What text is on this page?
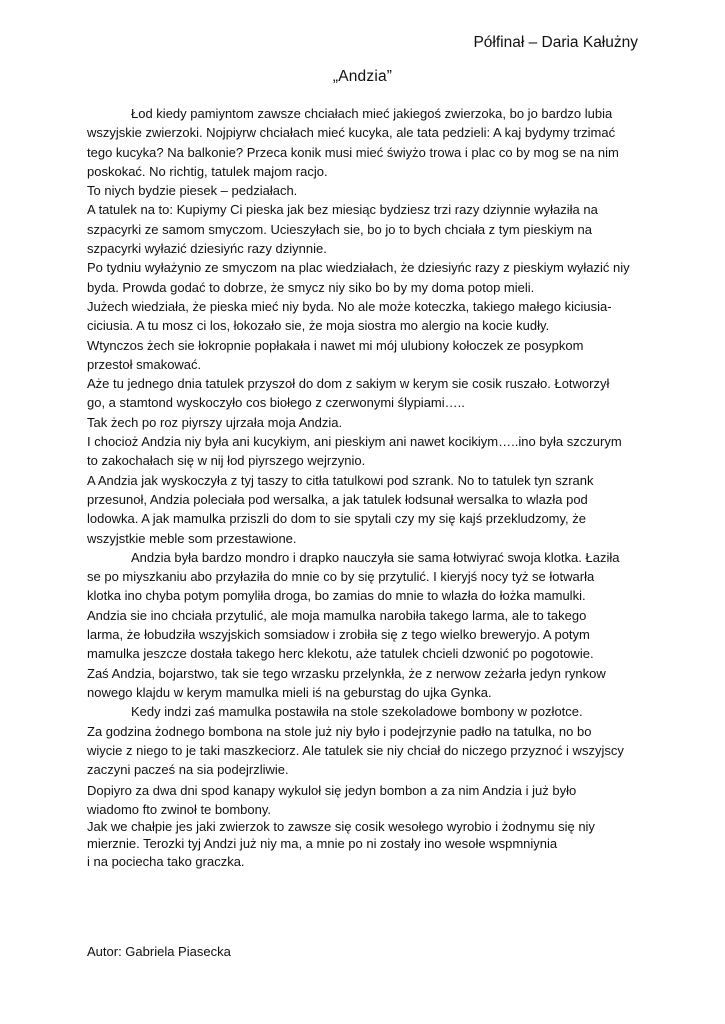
Półfinał – Daria Kałużny
„Andzia”
Łod kiedy pamiyntom zawsze chciałach mieć jakiegoś zwierzoka, bo jo bardzo lubia
wszyjskie zwierzoki. Nojpiyrw chciałach mieć kucyka, ale tata pedzieli: A kaj bydymy trzimać
tego kucyka? Na balkonie? Przeca konik musi mieć świyżo trowa i plac co by mog se na nim
poskokać. No richtig, tatulek majom racjo.
To niych bydzie piesek – pedziałach.
A tatulek na to: Kupiymy Ci pieska jak bez miesiąc bydziesz trzi razy dziynnie wyłaziła na
szpacyrki ze samom smyczom. Ucieszyłach sie, bo jo to bych chciała z tym pieskiym na
szpacyrki wyłazić dziesiyńc razy dziynnie.
Po tydniu wyłażynio ze smyczom na plac wiedziałach, że dziesiyńc razy z pieskiym wyłazić niy
byda. Prowda godać to dobrze, że smycz niy siko bo by my doma potop mieli.
Jużech wiedziała, że pieska mieć niy byda. No ale może koteczka, takiego małego kiciusia-
ciciusia. A tu mosz ci los, łokozało sie, że moja siostra mo alergio na kocie kudły.
Wtynczos żech sie łokropnie popłakała i nawet mi mój ulubiony kołoczek ze posypkom
przestoł smakować.
Aże tu jednego dnia tatulek przyszoł do dom z sakiym w kerym sie cosik ruszało. Łotworzył
go, a stamtond wyskoczyło cos biołego z czerwonymi ślypiami…..
Tak żech po roz piyrszy ujrzała moja Andzia.
I chocioż Andzia niy była ani kucykiym, ani pieskiym ani nawet kocikiym…..ino była szczurym
to zakochałach się w nij łod piyrszego wejrzynio.
A Andzia jak wyskoczyła z tyj taszy to citła tatulkowi pod szrank. No to tatulek tyn szrank
przesunoł, Andzia poleciała pod wersalka, a jak tatulek łodsunał wersalka to wlazła pod
lodowka. A jak mamulka prziszli do dom to sie spytali czy my się kajś przekludzomy, że
wszyjstkie meble som przestawione.
Andzia była bardzo mondro i drapko nauczyła sie sama łotwiyrać swoja klotka. Łaziła
se po miyszkaniu abo przyłaziła do mnie co by się przytulić. I kieryjś nocy tyż se łotwarła
klotka ino chyba potym pomyliła droga, bo zamias do mnie to wlazła do łożka mamulki.
Andzia sie ino chciała przytulić, ale moja mamulka narobiła takego larma, ale to takego
larma, że łobudziła wszyjskich somsiadow i zrobiła się z tego wielko breweryjo. A potym
mamulka jeszcze dostała takego herc klekotu, aże tatulek chcieli dzwonić po pogotowie.
Zaś Andzia, bojarstwo, tak sie tego wrzasku przelynkła, że z nerwow zeżarła jedyn rynkow
nowego klajdu w kerym mamulka mieli iś na geburstag do ujka Gynka.
Kedy indzi zaś mamulka postawiła na stole szekoladowe bombony w pozłotce.
Za godzina żodnego bombona na stole już niy było i podejrzynie padło na tatulka, no bo
wiycie z niego to je taki maszkeciorz. Ale tatulek sie niy chciał do niczego przyznoć i wszyjscy
zaczyni pacześ na sia podejrzliwie.
Dopiyro za dwa dni spod kanapy wykuloł się jedyn bombon a za nim Andzia i już było
wiadomo fto zwinoł te bombony.
Jak we chałpie jes jaki zwierzok to zawsze się cosik wesołego wyrobio i żodnymu się niy
mierznie. Terozki tyj Andzi już niy ma, a mnie po ni zostały ino wesołe wspmniynia
i na pociecha tako graczka.
Autor: Gabriela Piasecka
